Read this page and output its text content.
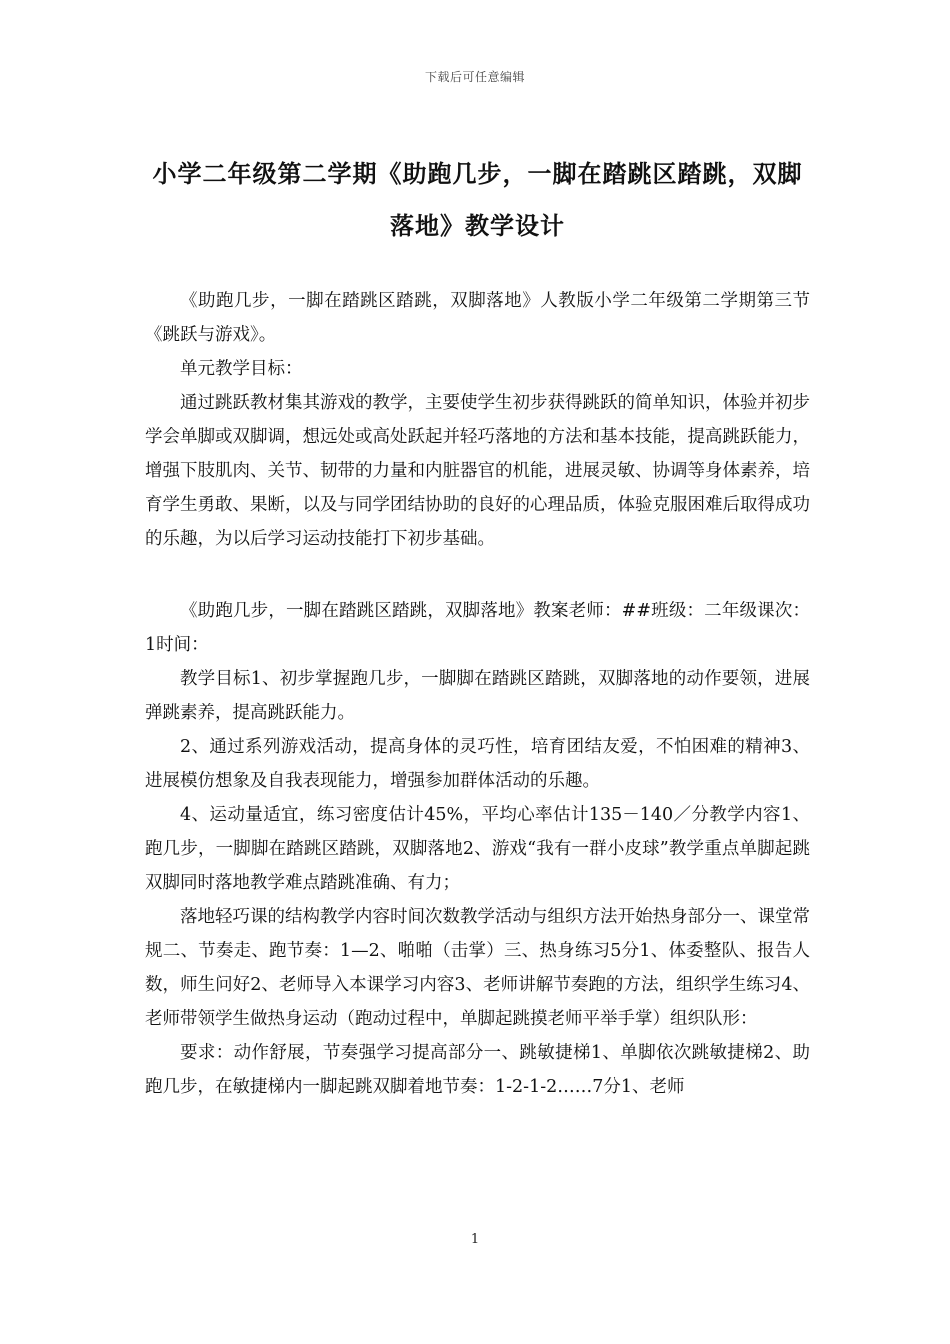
下载后可任意编辑
小学二年级第二学期《助跑几步，一脚在踏跳区踏跳，双脚落地》教学设计

《助跑几步，一脚在踏跳区踏跳，双脚落地》人教版小学二年级第二学期第三节《跳跃与游戏》。

单元教学目标：

通过跳跃教材集其游戏的教学，主要使学生初步获得跳跃的简单知识，体验并初步学会单脚或双脚调，想远处或高处跃起并轻巧落地的方法和基本技能，提高跳跃能力，增强下肢肌肉、关节、韧带的力量和内脏器官的机能，进展灵敏、协调等身体素养，培育学生勇敢、果断，以及与同学团结协助的良好的心理品质，体验克服困难后取得成功的乐趣，为以后学习运动技能打下初步基础。

《助跑几步，一脚在踏跳区踏跳，双脚落地》教案老师：##班级：二年级课次：1时间：

教学目标1、初步掌握跑几步，一脚脚在踏跳区踏跳，双脚落地的动作要领，进展弹跳素养，提高跳跃能力。

2、通过系列游戏活动，提高身体的灵巧性，培育团结友爱，不怕困难的精神3、进展模仿想象及自我表现能力，增强参加群体活动的乐趣。

4、运动量适宜，练习密度估计45%，平均心率估计135－140／分教学内容1、跑几步，一脚脚在踏跳区踏跳，双脚落地2、游戏“我有一群小皮球”教学重点单脚起跳双脚同时落地教学难点踏跳准确、有力；

落地轻巧课的结构教学内容时间次数教学活动与组织方法开始热身部分一、课堂常规二、节奏走、跑节奏：1—2、啪啪（击掌）三、热身练习5分1、体委整队、报告人数，师生问好2、老师导入本课学习内容3、老师讲解节奏跑的方法，组织学生练习4、老师带领学生做热身运动（跑动过程中，单脚起跳摸老师平举手掌）组织队形：

要求：动作舒展，节奏强学习提高部分一、跳敏捷梯1、单脚依次跳敏捷梯2、助跑几步，在敏捷梯内一脚起跳双脚着地节奏：1-2-1-2……7分1、老师

1
